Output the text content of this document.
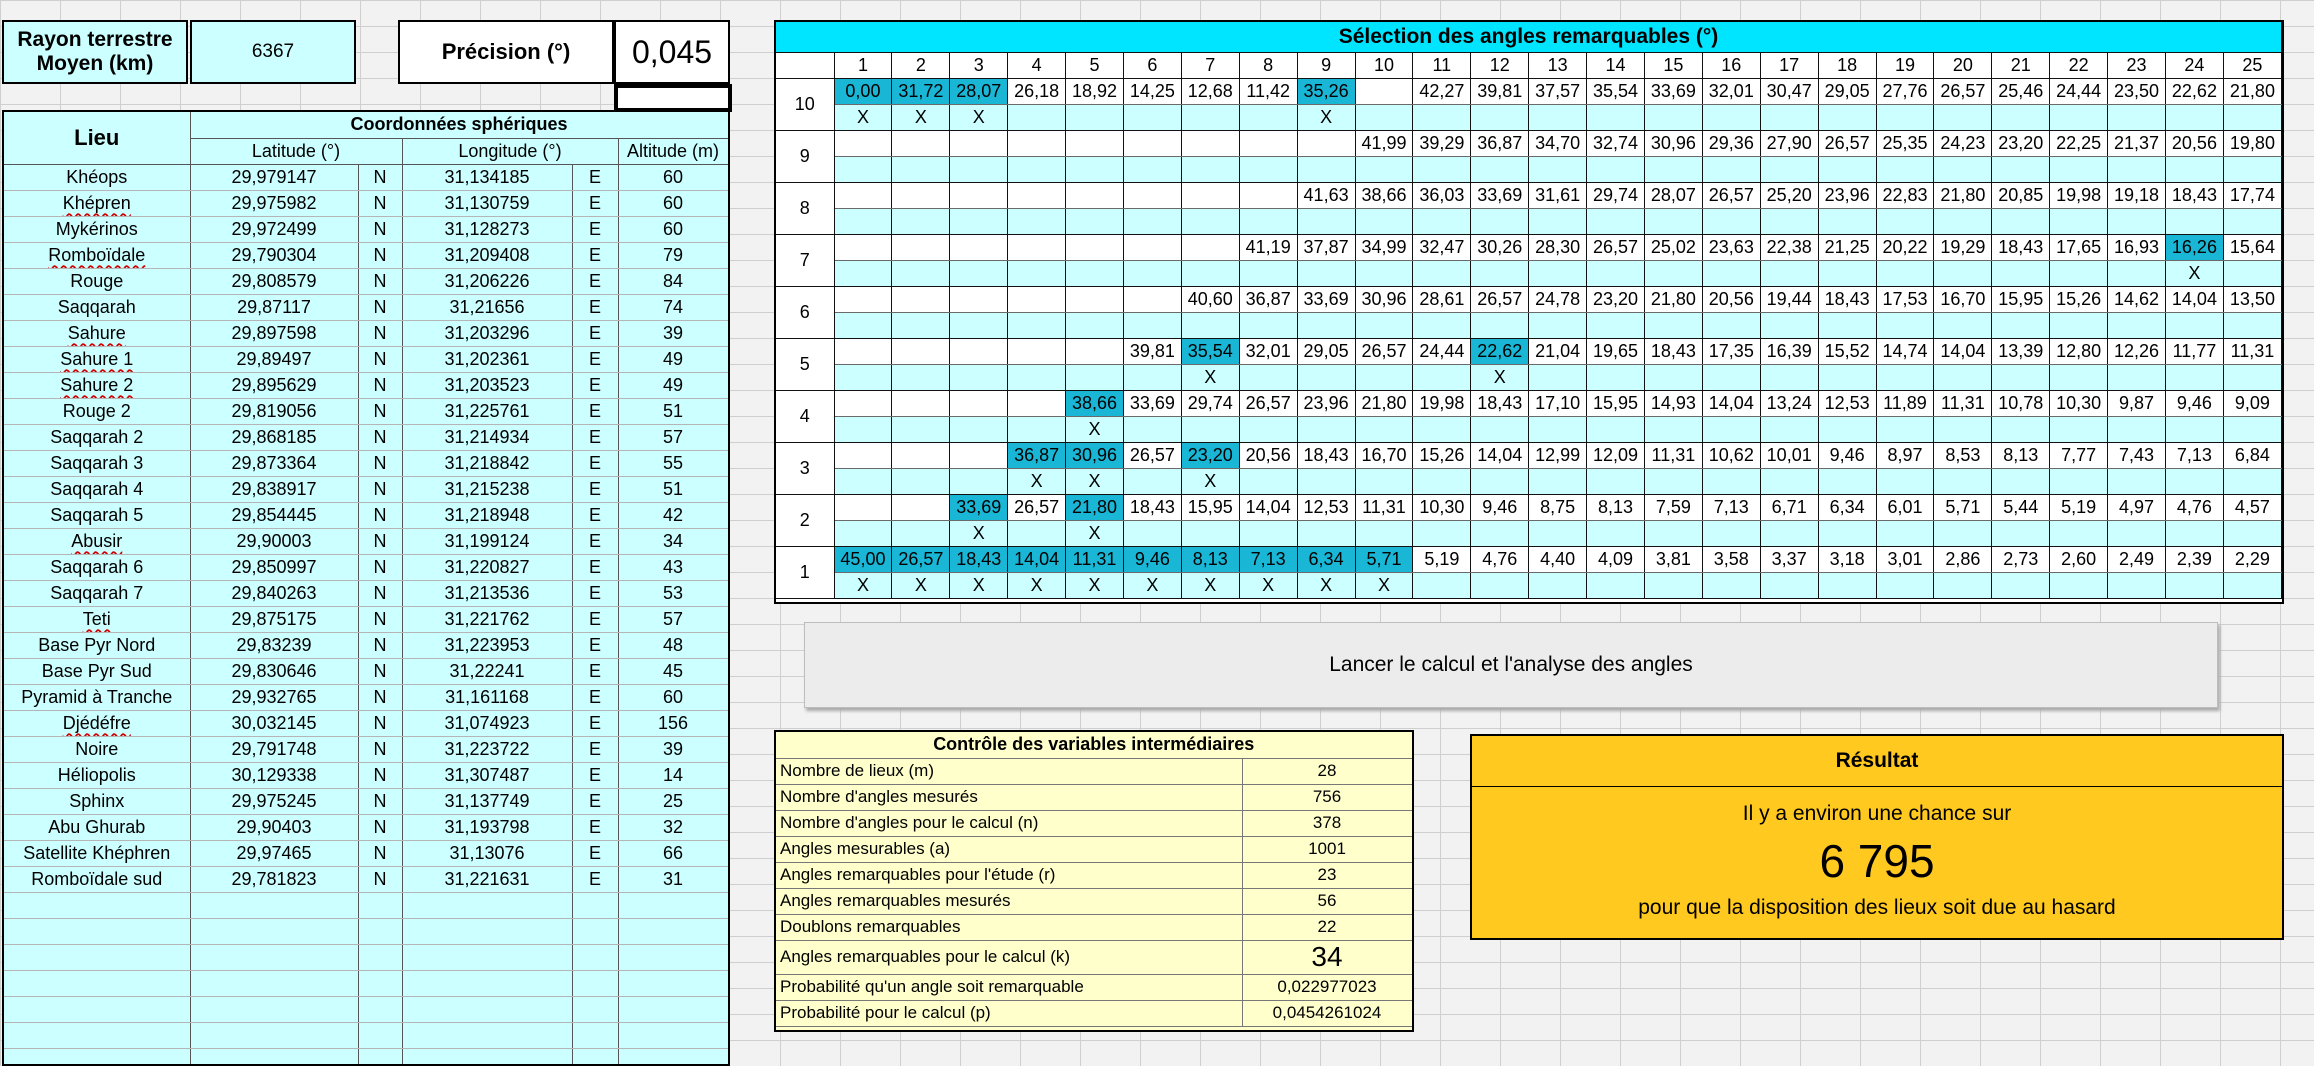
Rayon terrestre Moyen (km)
6367	Précision (°) 0,045
Lieu	Coordonnées sphériques				
	Latitude (°)		Longitude (°)		Altitude (m)
Khéops	29,979147	N	31,134185	E	60
Khépren	29,975982	N	31,130759	E	60
Mykérinos	29,972499	N	31,128273	E	60
Romboïdale	29,790304	N	31,209408	E	79
Rouge	29,808579	N	31,206226	E	84
Saqqarah	29,87117	N	31,21656	E	74
Sahure	29,897598	N	31,203296	E	39
Sahure 1	29,89497	N	31,202361	E	49
Sahure 2	29,895629	N	31,203523	E	49
Rouge 2	29,819056	N	31,225761	E	51
Saqqarah 2	29,868185	N	31,214934	E	57
Saqqarah 3	29,873364	N	31,218842	E	55
Saqqarah 4	29,838917	N	31,215238	E	51
Saqqarah 5	29,854445	N	31,218948	E	42
Abusir	29,90003	N	31,199124	E	34
Saqqarah 6	29,850997	N	31,220827	E	43
Saqqarah 7	29,840263	N	31,213536	E	53
Teti	29,875175	N	31,221762	E	57
Base Pyr Nord	29,83239	N	31,223953	E	48
Base Pyr Sud	29,830646	N	31,22241	E	45
Pyramid à Tranche	29,932765	N	31,161168	E	60
Djédéfre	30,032145	N	31,074923	E	156
Noire	29,791748	N	31,223722	E	39
Héliopolis	30,129338	N	31,307487	E	14
Sphinx	29,975245	N	31,137749	E	25
Abu Ghurab	29,90403	N	31,193798	E	32
Satellite Khéphren	29,97465	N	31,13076	E	66
Romboïdale sud	29,781823	N	31,221631	E	31

Sélection des angles remarquables (°)																									
	1	2	3	4	5	6	7	8	9	10	11	12	13	14	15	16	17	18	19	20	21	22	23	24	25
10	0,00	31,72	28,07	26,18	18,92	14,25	12,68	11,42	35,26		42,27	39,81	37,57	35,54	33,69	32,01	30,47	29,05	27,76	26,57	25,46	24,44	23,50	22,62	21,80
	X	X	X						X																
9										41,99	39,29	36,87	34,70	32,74	30,96	29,36	27,90	26,57	25,35	24,23	23,20	22,25	21,37	20,56	19,80

8									41,63	38,66	36,03	33,69	31,61	29,74	28,07	26,57	25,20	23,96	22,83	21,80	20,85	19,98	19,18	18,43	17,74

7								41,19	37,87	34,99	32,47	30,26	28,30	26,57	25,02	23,63	22,38	21,25	20,22	19,29	18,43	17,65	16,93	16,26	15,64
																								X	
6							40,60	36,87	33,69	30,96	28,61	26,57	24,78	23,20	21,80	20,56	19,44	18,43	17,53	16,70	15,95	15,26	14,62	14,04	13,50

5						39,81	35,54	32,01	29,05	26,57	24,44	22,62	21,04	19,65	18,43	17,35	16,39	15,52	14,74	14,04	13,39	12,80	12,26	11,77	11,31
							X					X													
4					38,66	33,69	29,74	26,57	23,96	21,80	19,98	18,43	17,10	15,95	14,93	14,04	13,24	12,53	11,89	11,31	10,78	10,30	9,87	9,46	9,09
					X																				
3				36,87	30,96	26,57	23,20	20,56	18,43	16,70	15,26	14,04	12,99	12,09	11,31	10,62	10,01	9,46	8,97	8,53	8,13	7,77	7,43	7,13	6,84
				X	X		X																		
2			33,69	26,57	21,80	18,43	15,95	14,04	12,53	11,31	10,30	9,46	8,75	8,13	7,59	7,13	6,71	6,34	6,01	5,71	5,44	5,19	4,97	4,76	4,57
			X		X																				
1	45,00	26,57	18,43	14,04	11,31	9,46	8,13	7,13	6,34	5,71	5,19	4,76	4,40	4,09	3,81	3,58	3,37	3,18	3,01	2,86	2,73	2,60	2,49	2,39	2,29
	X	X	X	X	X	X	X	X	X	X															
Lancer le calcul et l'analyse des angles
Contrôle des variables intermédiaires	
Nombre de lieux (m)	28
Nombre d'angles mesurés	756
Nombre d'angles pour le calcul (n)	378
Angles mesurables (a)	1001
Angles remarquables pour l'étude (r)	23
Angles remarquables mesurés	56
Doublons remarquables	22
Angles remarquables pour le calcul (k)	34
Probabilité qu'un angle soit remarquable	0,022977023
Probabilité pour le calcul (p)	0,0454261024
Résultat
Il y a environ une chance sur
6 795
pour que la disposition des lieux soit due au hasard
